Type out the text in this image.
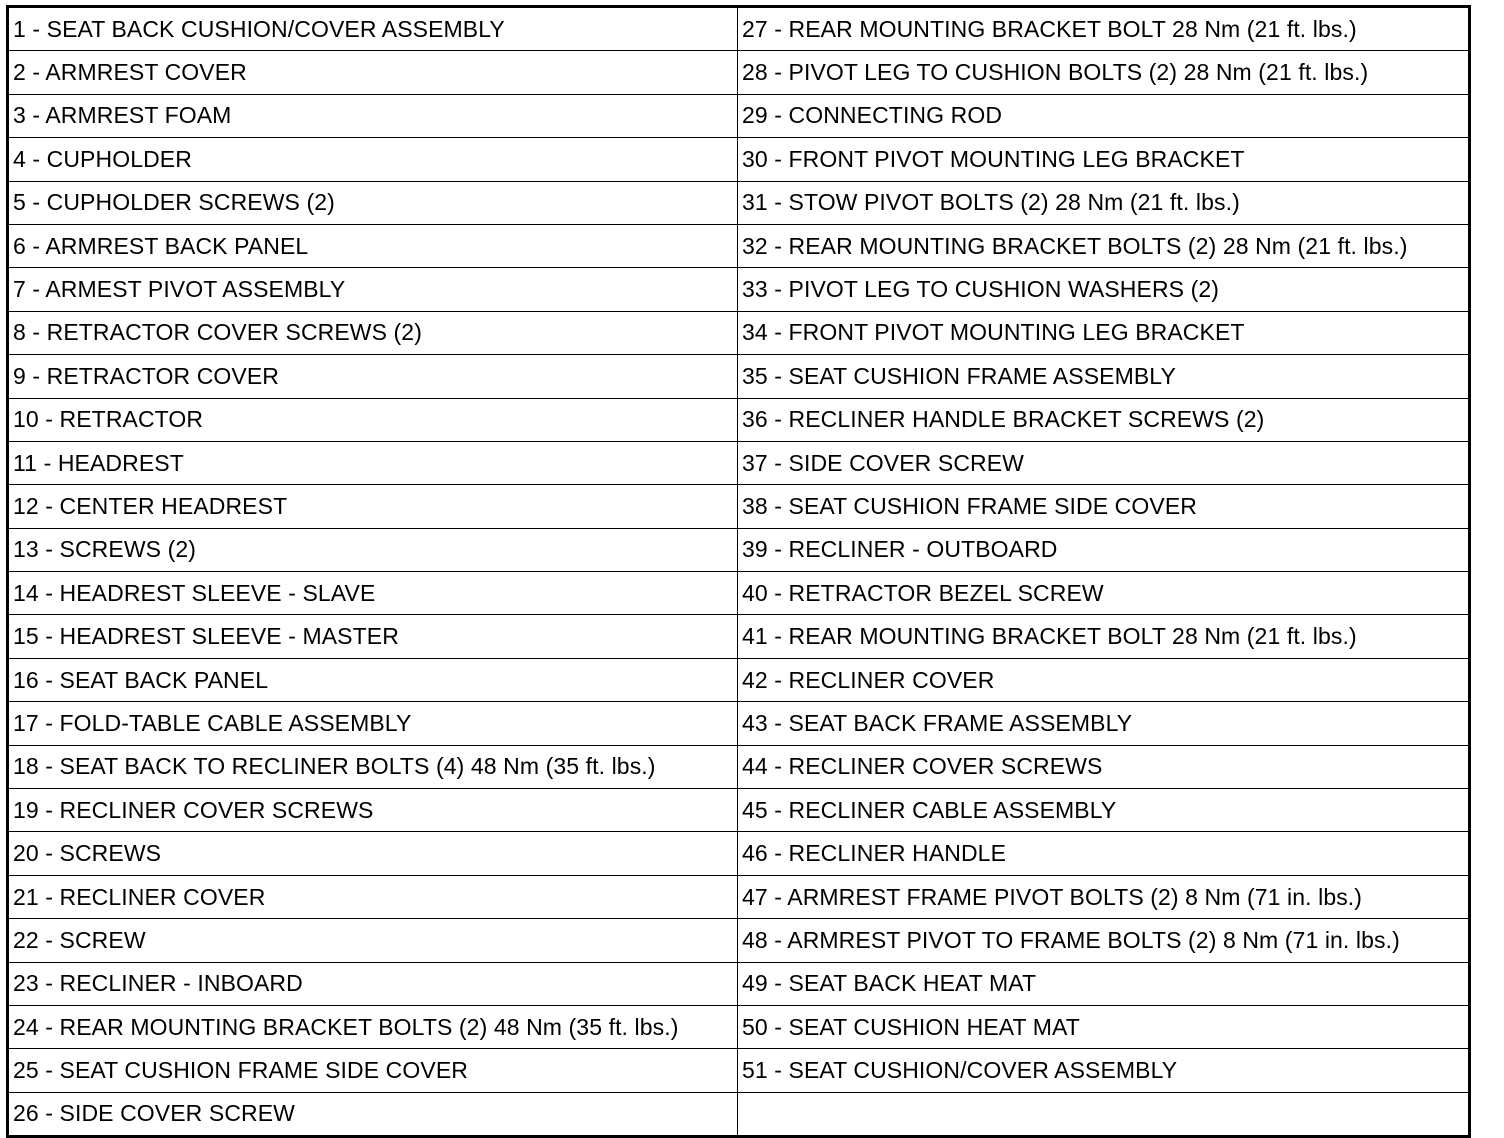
1 - SEAT BACK CUSHION/COVER ASSEMBLY	27 - REAR MOUNTING BRACKET BOLT 28 Nm (21 ft. lbs.)
2 - ARMREST COVER	28 - PIVOT LEG TO CUSHION BOLTS (2) 28 Nm (21 ft. lbs.)
3 - ARMREST FOAM	29 - CONNECTING ROD
4 - CUPHOLDER	30 - FRONT PIVOT MOUNTING LEG BRACKET
5 - CUPHOLDER SCREWS (2)	31 - STOW PIVOT BOLTS (2) 28 Nm (21 ft. lbs.)
6 - ARMREST BACK PANEL	32 - REAR MOUNTING BRACKET BOLTS (2) 28 Nm (21 ft. lbs.)
7 - ARMEST PIVOT ASSEMBLY	33 - PIVOT LEG TO CUSHION WASHERS (2)
8 - RETRACTOR COVER SCREWS (2)	34 - FRONT PIVOT MOUNTING LEG BRACKET
9 - RETRACTOR COVER	35 - SEAT CUSHION FRAME ASSEMBLY
10 - RETRACTOR	36 - RECLINER HANDLE BRACKET SCREWS (2)
11 - HEADREST	37 - SIDE COVER SCREW
12 - CENTER HEADREST	38 - SEAT CUSHION FRAME SIDE COVER
13 - SCREWS (2)	39 - RECLINER - OUTBOARD
14 - HEADREST SLEEVE - SLAVE	40 - RETRACTOR BEZEL SCREW
15 - HEADREST SLEEVE - MASTER	41 - REAR MOUNTING BRACKET BOLT 28 Nm (21 ft. lbs.)
16 - SEAT BACK PANEL	42 - RECLINER COVER
17 - FOLD-TABLE CABLE ASSEMBLY	43 - SEAT BACK FRAME ASSEMBLY
18 - SEAT BACK TO RECLINER BOLTS (4) 48 Nm (35 ft. lbs.)	44 - RECLINER COVER SCREWS
19 - RECLINER COVER SCREWS	45 - RECLINER CABLE ASSEMBLY
20 - SCREWS	46 - RECLINER HANDLE
21 - RECLINER COVER	47 - ARMREST FRAME PIVOT BOLTS (2) 8 Nm (71 in. lbs.)
22 - SCREW	48 - ARMREST PIVOT TO FRAME BOLTS (2) 8 Nm (71 in. lbs.)
23 - RECLINER - INBOARD	49 - SEAT BACK HEAT MAT
24 - REAR MOUNTING BRACKET BOLTS (2) 48 Nm (35 ft. lbs.)	50 - SEAT CUSHION HEAT MAT
25 - SEAT CUSHION FRAME SIDE COVER	51 - SEAT CUSHION/COVER ASSEMBLY
26 - SIDE COVER SCREW	
